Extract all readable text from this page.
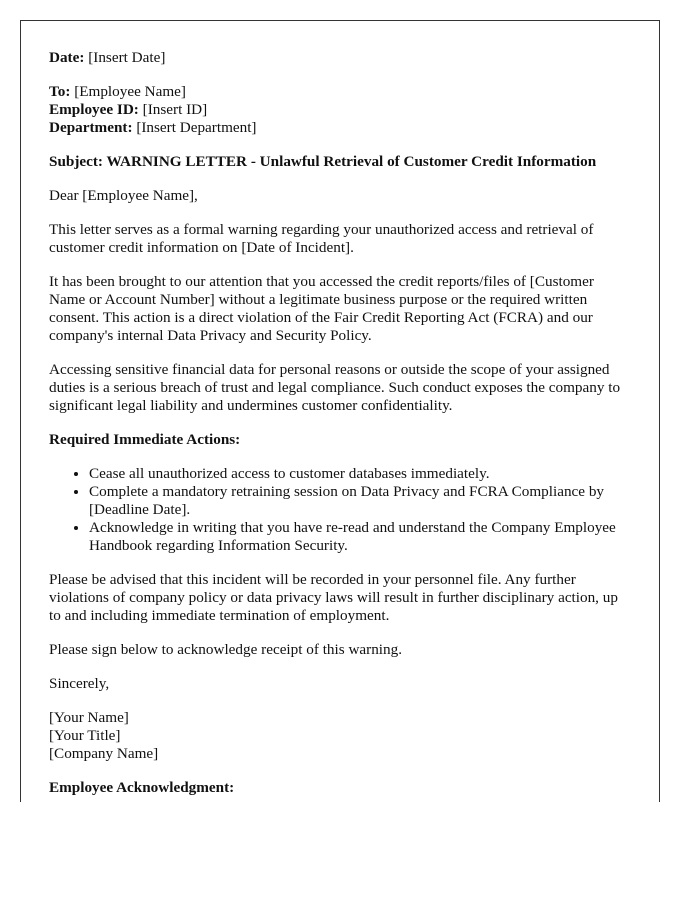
Date: [Insert Date]

To: [Employee Name]
Employee ID: [Insert ID]
Department: [Insert Department]

Subject: WARNING LETTER - Unlawful Retrieval of Customer Credit Information

Dear [Employee Name],

This letter serves as a formal warning regarding your unauthorized access and retrieval of customer credit information on [Date of Incident].

It has been brought to our attention that you accessed the credit reports/files of [Customer Name or Account Number] without a legitimate business purpose or the required written consent. This action is a direct violation of the Fair Credit Reporting Act (FCRA) and our company's internal Data Privacy and Security Policy.

Accessing sensitive financial data for personal reasons or outside the scope of your assigned duties is a serious breach of trust and legal compliance. Such conduct exposes the company to significant legal liability and undermines customer confidentiality.

Required Immediate Actions:

• Cease all unauthorized access to customer databases immediately.
• Complete a mandatory retraining session on Data Privacy and FCRA Compliance by [Deadline Date].
• Acknowledge in writing that you have re-read and understand the Company Employee Handbook regarding Information Security.

Please be advised that this incident will be recorded in your personnel file. Any further violations of company policy or data privacy laws will result in further disciplinary action, up to and including immediate termination of employment.

Please sign below to acknowledge receipt of this warning.

Sincerely,

[Your Name]
[Your Title]
[Company Name]

Employee Acknowledgment:
